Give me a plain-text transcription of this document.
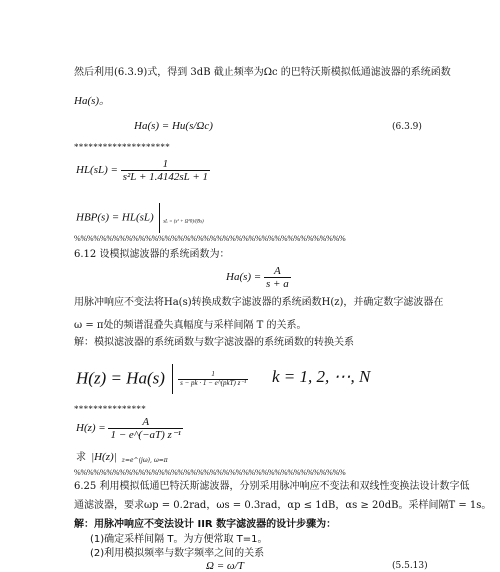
然后利用(6.3.9)式，得到 3dB 截止频率为Ωc 的巴特沃斯模拟低通滤波器的系统函数
Ha(s)。
Ha(s) = Hu(s/Ωc)	(6.3.9)
********************
$HL(sL) = \frac{1}{\text{s²L + 1.4142sL + 1}}$
HBP(s) = HL(sL) $_{sL = (s^2 + \Omega^20)/(Bs)}$
%%%%%%%%%%%%%%%%%%%%%%%%%%%%%%%%%%%%%%%%%%
6.12 设模拟滤波器的系统函数为：
$Ha(s) = \frac{A}{s + a}$
用脉冲响应不变法将Ha(s)转换成数字滤波器的系统函数H(z)，并确定数字滤波器在
ω = π处的频谱混叠失真幅度与采样间隔 T 的关系。
解：模拟滤波器的系统函数与数字滤波器的系统函数的转换关系
$H(z) = Ha(s) \frac{1}{\text{s − pk · 1 − e\textasciicircum{}(pkT) z⁻¹}}$ k = 1, 2, ⋯, N
***************
$H(z) = \frac{A}{\text{1 − e\textasciicircum{}(−aT) z⁻¹}}$
求 |H(z)| $_{z=e\^{}(j\omega), \omega=\pi}$
%%%%%%%%%%%%%%%%%%%%%%%%%%%%%%%%%%%%%%%%%%
6.25 利用模拟低通巴特沃斯滤波器，分别采用脉冲响应不变法和双线性变换法设计数字低
通滤波器，要求ωp = 0.2rad，ωs = 0.3rad，αp ≤ 1dB，αs ≥ 20dB。采样间隔T = 1s。
解：用脉冲响应不变法设计 IIR 数字滤波器的设计步骤为：
(1)确定采样间隔 T。为方便常取 T=1。
(2)利用模拟频率与数字频率之间的关系
Ω = ω/T	(5.5.13)
